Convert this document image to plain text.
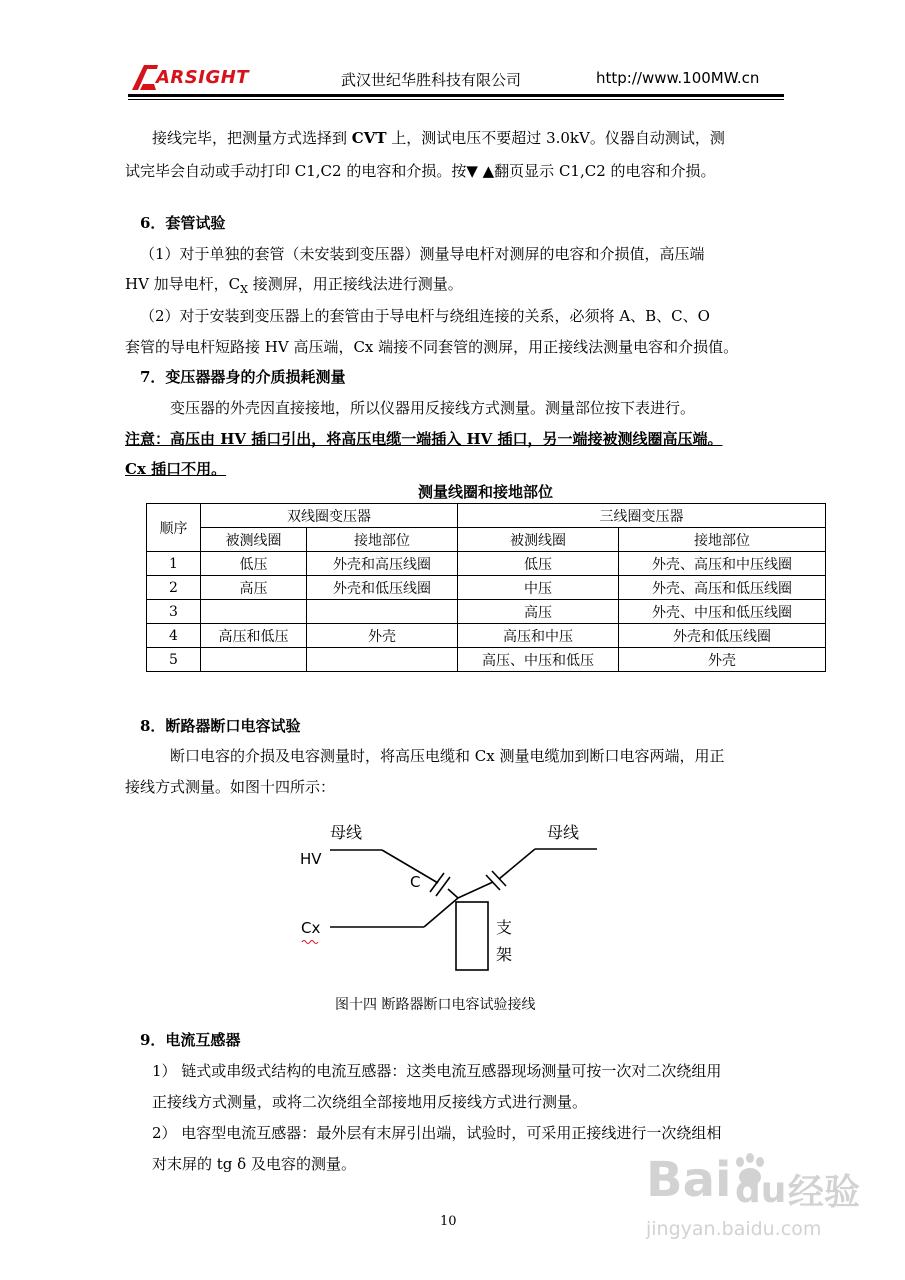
ARSIGHT	武汉世纪华胜科技有限公司	http://www.100MW.cn
接线完毕，把测量方式选择到 CVT 上，测试电压不要超过 3.0kV。仪器自动测试，测
试完毕会自动或手动打印 C1,C2 的电容和介损。按▼ ▲翻页显示 C1,C2 的电容和介损。
6．套管试验
（1）对于单独的套管（未安装到变压器）测量导电杆对测屏的电容和介损值，高压端
HV 加导电杆，$C_X$ 接测屏，用正接线法进行测量。
（2）对于安装到变压器上的套管由于导电杆与绕组连接的关系，必须将 A、B、C、O
套管的导电杆短路接 HV 高压端，Cx 端接不同套管的测屏，用正接线法测量电容和介损值。
7．变压器器身的介质损耗测量
变压器的外壳因直接接地，所以仪器用反接线方式测量。测量部位按下表进行。
注意：高压由 HV 插口引出，将高压电缆一端插入 HV 插口，另一端接被测线圈高压端。
Cx 插口不用。
测量线圈和接地部位
顺序	双线圈变压器		三线圈变压器	
	被测线圈	接地部位	被测线圈	接地部位
1	低压	外壳和高压线圈	低压	外壳、高压和中压线圈
2	高压	外壳和低压线圈	中压	外壳、高压和低压线圈
3			高压	外壳、中压和低压线圈
4	高压和低压	外壳	高压和中压	外壳和低压线圈
5			高压、中压和低压	外壳
8．断路器断口电容试验
断口电容的介损及电容测量时，将高压电缆和 Cx 测量电缆加到断口电容两端，用正
接线方式测量。如图十四所示：
母线	母线
HV
C
Cx	支
架
图十四 断路器断口电容试验接线
9．电流互感器
1） 链式或串级式结构的电流互感器：这类电流互感器现场测量可按一次对二次绕组用
正接线方式测量，或将二次绕组全部接地用反接线方式进行测量。
2） 电容型电流互感器：最外层有末屏引出端，试验时，可采用正接线进行一次绕组相
对末屏的 tg δ 及电容的测量。
10
Bai du 经验
jingyan.baidu.com
